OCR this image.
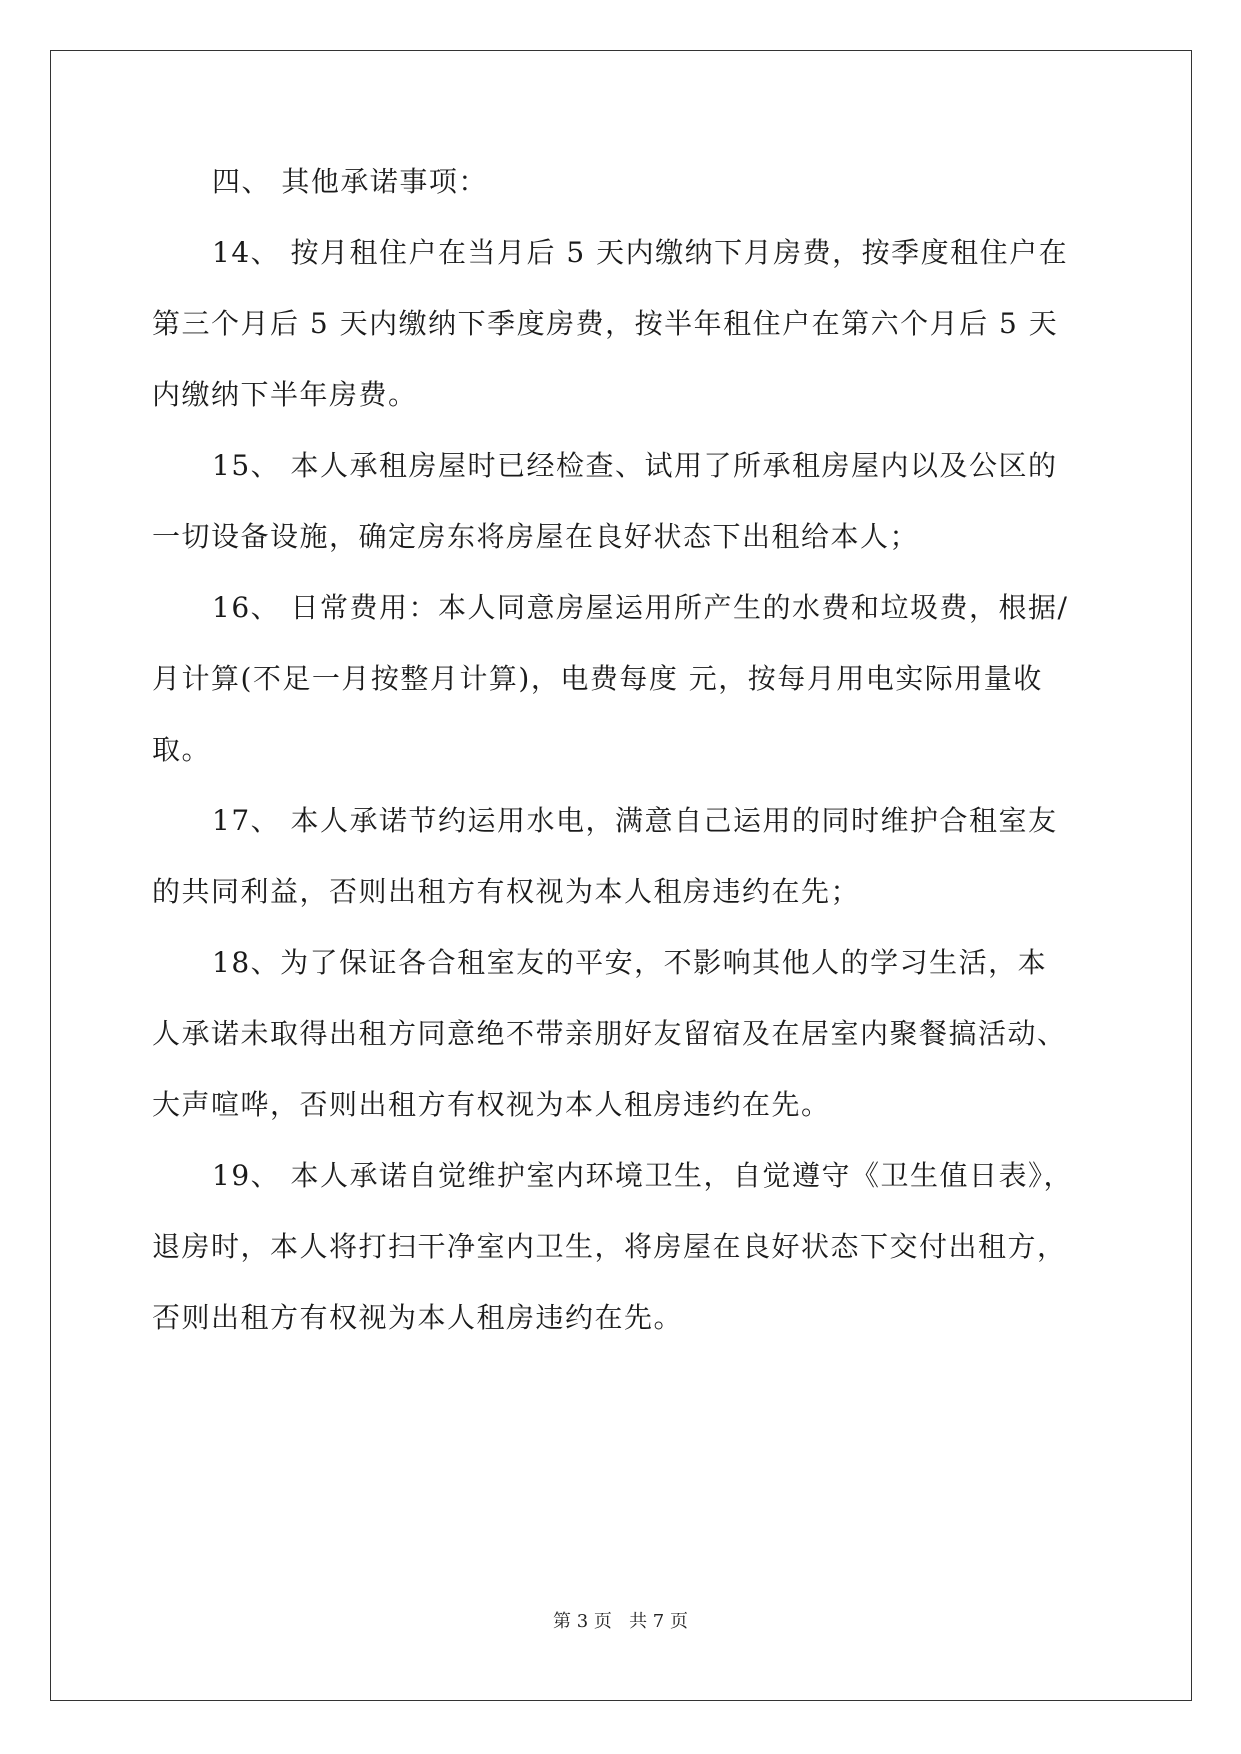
四、 其他承诺事项：
14、 按月租住户在当月后 5 天内缴纳下月房费，按季度租住户在
第三个月后 5 天内缴纳下季度房费，按半年租住户在第六个月后 5 天
内缴纳下半年房费。
15、 本人承租房屋时已经检查、试用了所承租房屋内以及公区的
一切设备设施，确定房东将房屋在良好状态下出租给本人；
16、 日常费用：本人同意房屋运用所产生的水费和垃圾费，根据/
月计算(不足一月按整月计算)，电费每度 元，按每月用电实际用量收
取。
17、 本人承诺节约运用水电，满意自己运用的同时维护合租室友
的共同利益，否则出租方有权视为本人租房违约在先；
18、为了保证各合租室友的平安，不影响其他人的学习生活，本
人承诺未取得出租方同意绝不带亲朋好友留宿及在居室内聚餐搞活动、
大声喧哗，否则出租方有权视为本人租房违约在先。
19、 本人承诺自觉维护室内环境卫生，自觉遵守《卫生值日表》，
退房时，本人将打扫干净室内卫生，将房屋在良好状态下交付出租方，
否则出租方有权视为本人租房违约在先。
第 3 页   共 7 页
